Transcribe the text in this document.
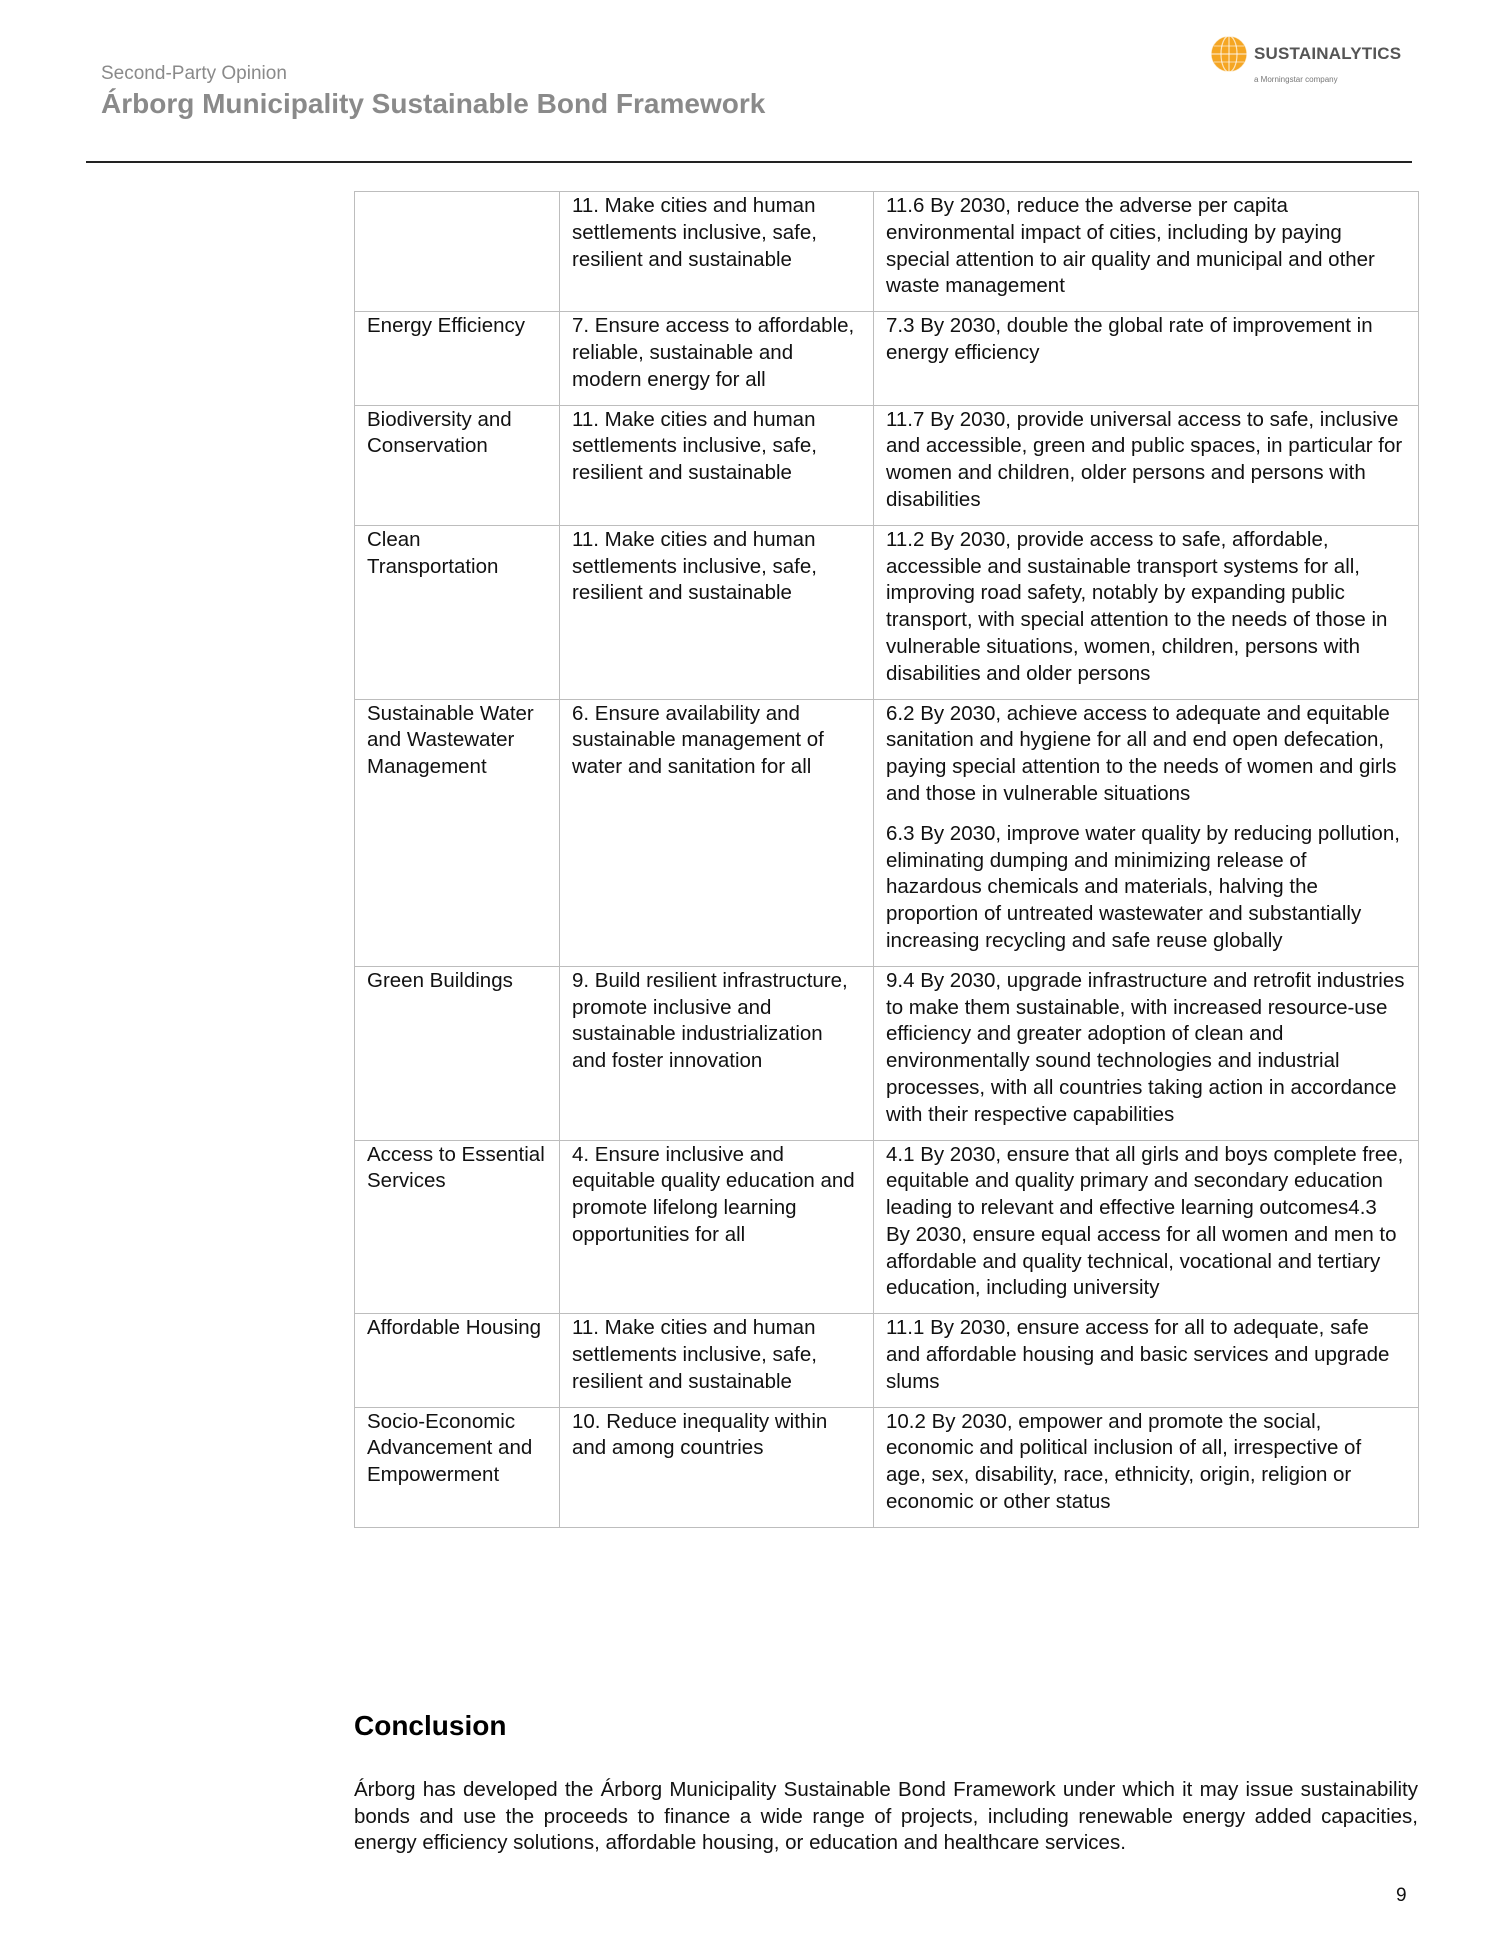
Second-Party Opinion
Árborg Municipality Sustainable Bond Framework
SUSTAINALYTICS
a Morningstar company
	11. Make cities and human settlements inclusive, safe, resilient and sustainable	11.6 By 2030, reduce the adverse per capita environmental impact of cities, including by paying special attention to air quality and municipal and other waste management

Energy Efficiency	7. Ensure access to affordable, reliable, sustainable and modern energy for all	7.3 By 2030, double the global rate of improvement in energy efficiency

Biodiversity and Conservation	11. Make cities and human settlements inclusive, safe, resilient and sustainable	11.7 By 2030, provide universal access to safe, inclusive and accessible, green and public spaces, in particular for women and children, older persons and persons with disabilities

Clean Transportation	11. Make cities and human settlements inclusive, safe, resilient and sustainable	11.2 By 2030, provide access to safe, affordable, accessible and sustainable transport systems for all, improving road safety, notably by expanding public transport, with special attention to the needs of those in vulnerable situations, women, children, persons with disabilities and older persons

Sustainable Water and Wastewater Management	6. Ensure availability and sustainable management of water and sanitation for all	6.2 By 2030, achieve access to adequate and equitable sanitation and hygiene for all and end open defecation, paying special attention to the needs of women and girls and those in vulnerable situations
6.3 By 2030, improve water quality by reducing pollution, eliminating dumping and minimizing release of hazardous chemicals and materials, halving the proportion of untreated wastewater and substantially increasing recycling and safe reuse globally

Green Buildings	9. Build resilient infrastructure, promote inclusive and sustainable industrialization and foster innovation	9.4 By 2030, upgrade infrastructure and retrofit industries to make them sustainable, with increased resource-use efficiency and greater adoption of clean and environmentally sound technologies and industrial processes, with all countries taking action in accordance with their respective capabilities

Access to Essential Services	4. Ensure inclusive and equitable quality education and promote lifelong learning opportunities for all	4.1 By 2030, ensure that all girls and boys complete free, equitable and quality primary and secondary education leading to relevant and effective learning outcomes4.3 By 2030, ensure equal access for all women and men to affordable and quality technical, vocational and tertiary education, including university

Affordable Housing	11. Make cities and human settlements inclusive, safe, resilient and sustainable	11.1 By 2030, ensure access for all to adequate, safe and affordable housing and basic services and upgrade slums

Socio-Economic Advancement and Empowerment	10. Reduce inequality within and among countries	10.2 By 2030, empower and promote the social, economic and political inclusion of all, irrespective of age, sex, disability, race, ethnicity, origin, religion or economic or other status
Conclusion

Árborg has developed the Árborg Municipality Sustainable Bond Framework under which it may issue sustainability bonds and use the proceeds to finance a wide range of projects, including renewable energy added capacities, energy efficiency solutions, affordable housing, or education and healthcare services.

9
